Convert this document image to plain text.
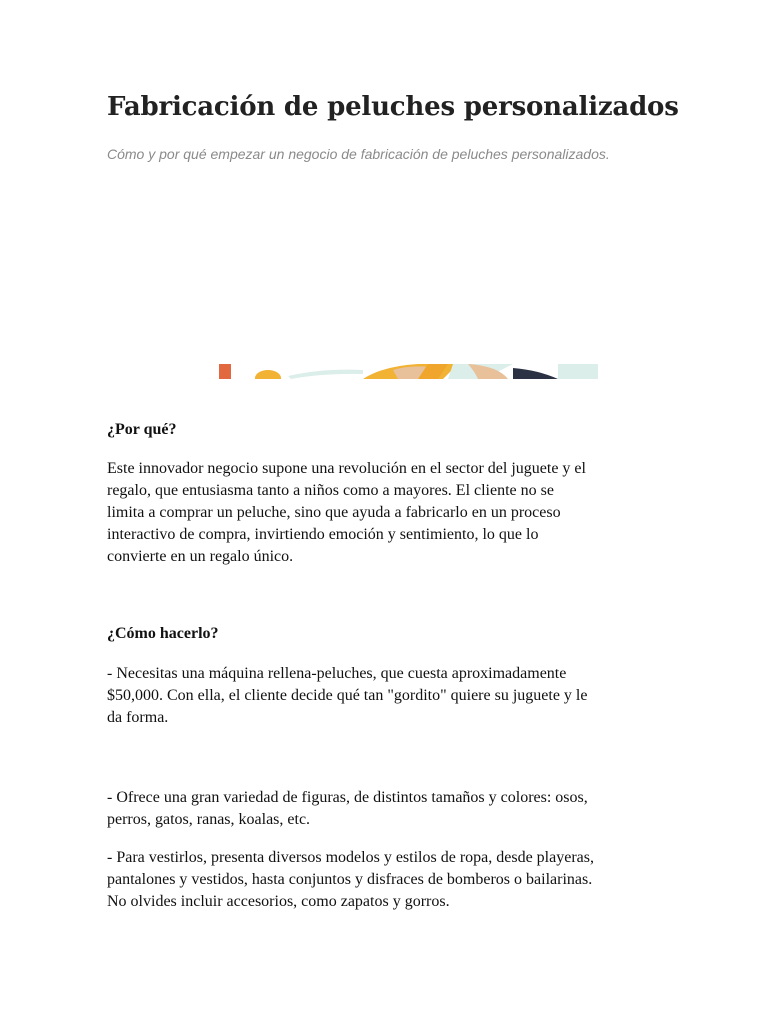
Fabricación de peluches personalizados

Cómo y por qué empezar un negocio de fabricación de peluches personalizados.

¿Por qué?
Este innovador negocio supone una revolución en el sector del juguete y el
regalo, que entusiasma tanto a niños como a mayores. El cliente no se
limita a comprar un peluche, sino que ayuda a fabricarlo en un proceso
interactivo de compra, invirtiendo emoción y sentimiento, lo que lo
convierte en un regalo único.
¿Cómo hacerlo?
- Necesitas una máquina rellena-peluches, que cuesta aproximadamente
$50,000. Con ella, el cliente decide qué tan "gordito" quiere su juguete y le
da forma.
- Ofrece una gran variedad de figuras, de distintos tamaños y colores: osos,
perros, gatos, ranas, koalas, etc.
- Para vestirlos, presenta diversos modelos y estilos de ropa, desde playeras,
pantalones y vestidos, hasta conjuntos y disfraces de bomberos o bailarinas.
No olvides incluir accesorios, como zapatos y gorros.
